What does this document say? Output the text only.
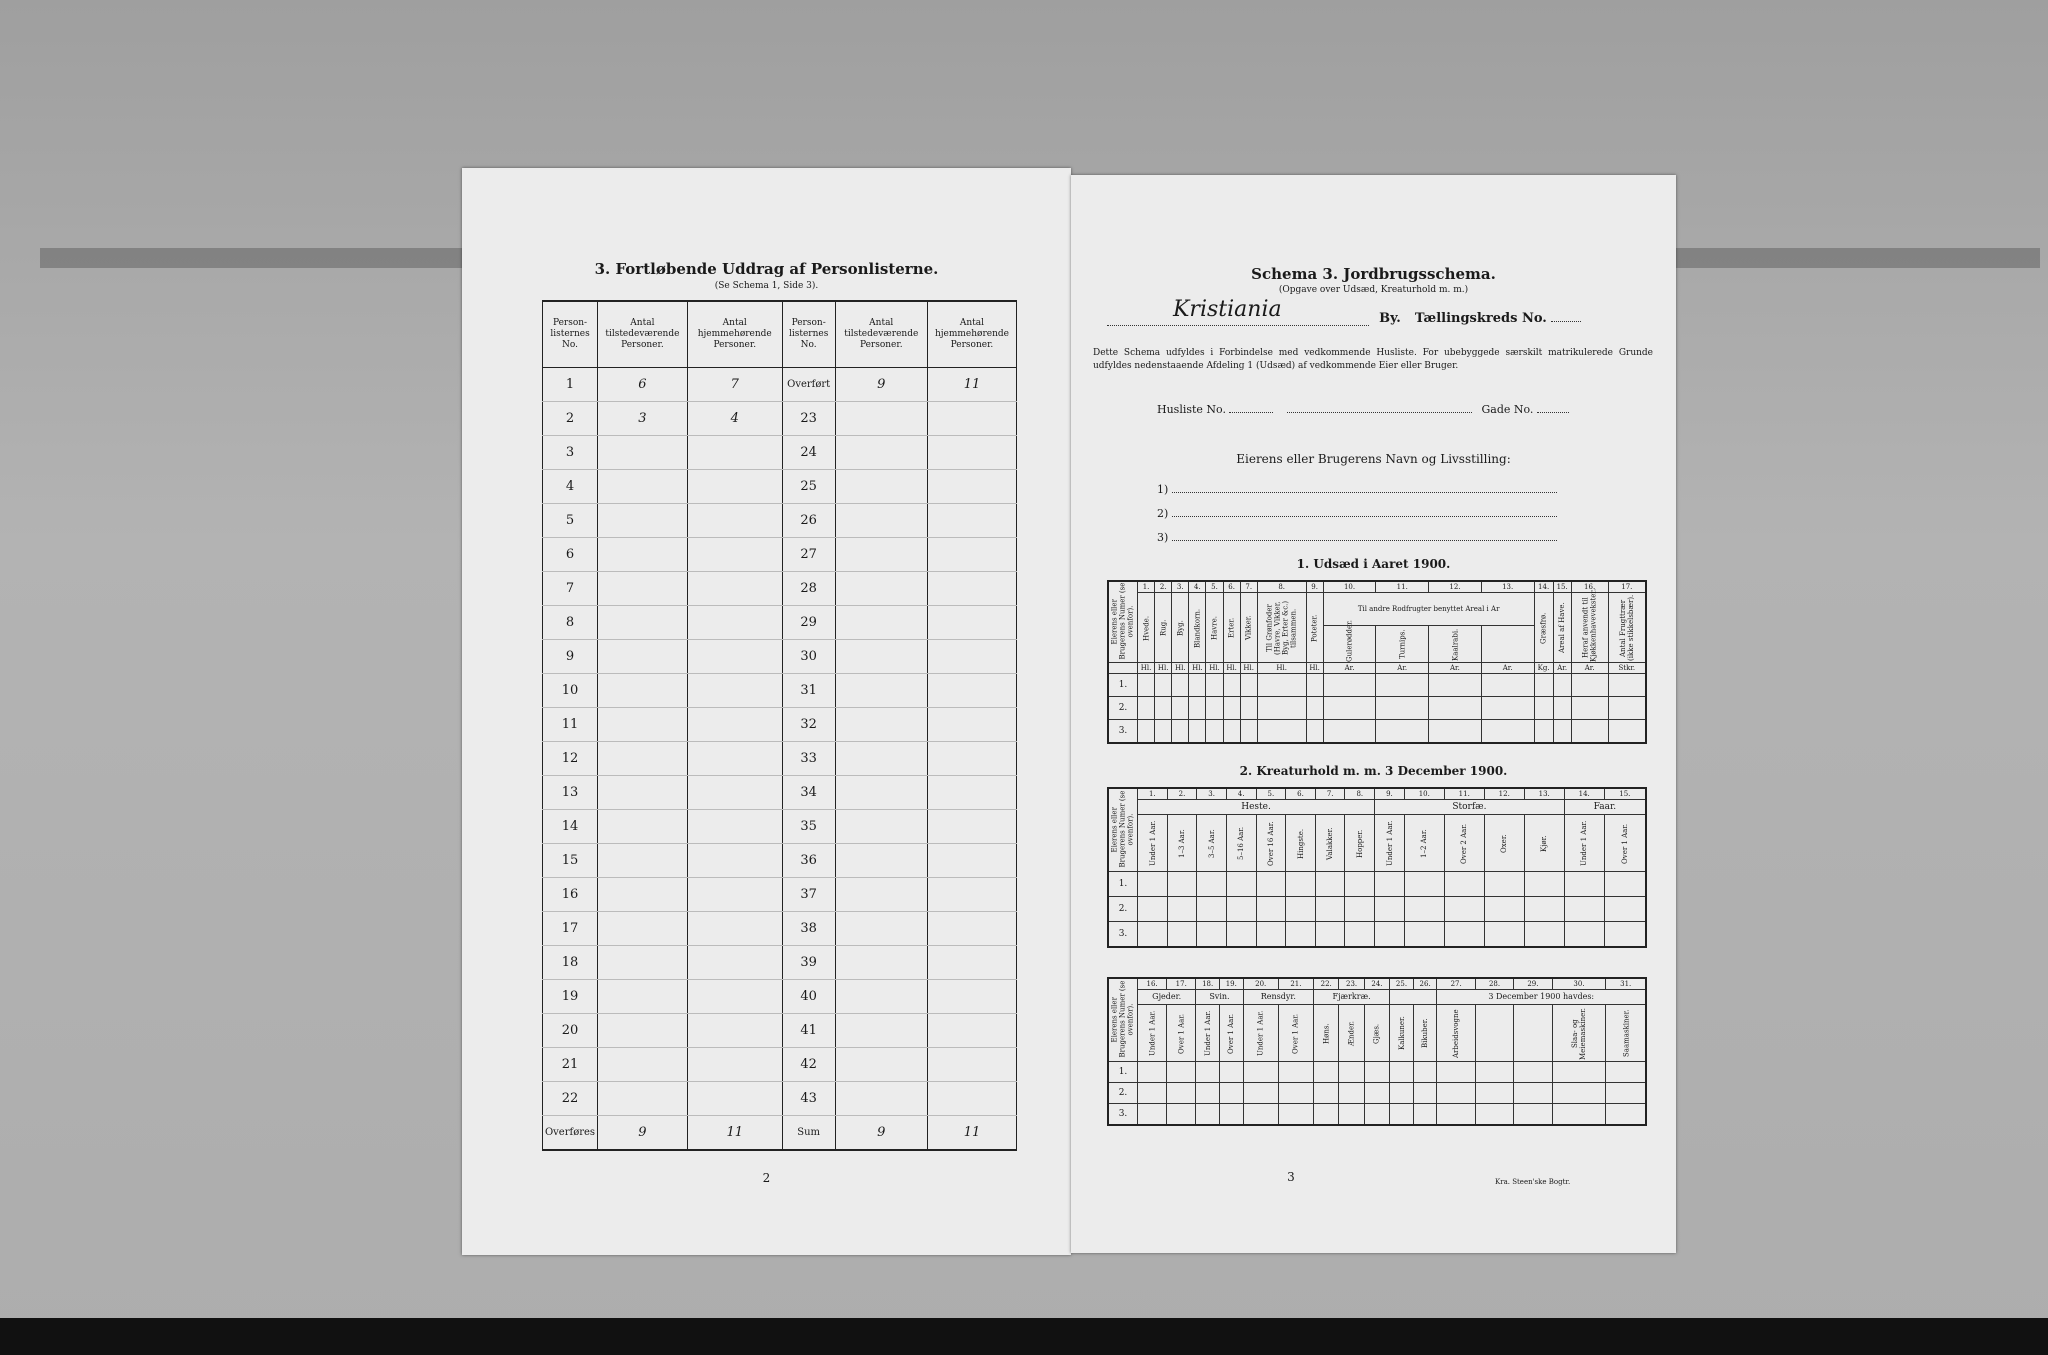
3. Fortløbende Uddrag af Personlisterne.
(Se Schema 1, Side 3).
Person-listernes No.	Antal tilstedeværende Personer.	Antal hjemmehørende Personer.	Person-listernes No.	Antal tilstedeværende Personer.	Antal hjemmehørende Personer.
1	6	7	Overført	9	11
2	3	4	23		
3			24		
4			25		
5			26		
6			27		
7			28		
8			29		
9			30		
10			31		
11			32		
12			33		
13			34		
14			35		
15			36		
16			37		
17			38		
18			39		
19			40		
20			41		
21			42		
22			43		
Overføres	9	11	Sum	9	11
2
Schema 3. Jordbrugsschema.
(Opgave over Udsæd, Kreaturhold m. m.)
Kristiania	By. Tællingskreds No.
Dette Schema udfyldes i Forbindelse med vedkommende Husliste. For ubebyggede særskilt matrikulerede Grunde udfyldes nedenstaaende Afdeling 1 (Udsæd) af vedkommende Eier eller Bruger.
Husliste No.	Gade No.
Eierens eller Brugerens Navn og Livsstilling:
1)
2)
3)
1. Udsæd i Aaret 1900.
Eierens eller Brugerens Numer (se ovenfor).	1.	2.	3.	4.	5.	6.	7.	8.	9.	10.	11.	12.	13.	14.	15.	16.	17.
	Hvede.	Rug.	Byg.	Blandkorn.	Havre.	Erter.	Vikker.	Til Grønfoder (Havre, Vikker, Byg, Erter &c.) tilsammen.	Poteter.	Til andre Rodfrugter benyttet Areal i Ar				Græsfrø.	Areal af Have.	Heraf anvendt til Kjøkkenhavevekster.	Antal Frugttrær (ikke stikkelsbær).
										Gulerødder.	Turnips.	Kaalrabi.					
	Hl.	Hl.	Hl.	Hl.	Hl.	Hl.	Hl.	Hl.	Hl.	Ar.	Ar.	Ar.	Ar.	Kg.	Ar.	Ar.	Stkr.
1.																	
2.																	
3.																	
2. Kreaturhold m. m. 3 December 1900.
Eierens eller Brugerens Numer (se ovenfor).	1.	2.	3.	4.	5.	6.	7.	8.	9.	10.	11.	12.	13.	14.	15.
	Heste.								Storfæ.					Faar.	
	Under 1 Aar.	1–3 Aar.	3–5 Aar.	5–16 Aar.	Over 16 Aar.	Hingste.	Valakker.	Hopper.	Under 1 Aar.	1–2 Aar.	Over 2 Aar.	Oxer.	Kjør.	Under 1 Aar.	Over 1 Aar.
1.															
2.															
3.															
Eierens eller Brugerens Numer (se ovenfor).	16.	17.	18.	19.	20.	21.	22.	23.	24.	25.	26.	27.	28.	29.	30.	31.
	Gjeder.		Svin.		Rensdyr.		Fjærkræ.					3 December 1900 havdes:				
	Under 1 Aar.	Over 1 Aar.	Under 1 Aar.	Over 1 Aar.	Under 1 Aar.	Over 1 Aar.	Høns.	Ænder.	Gjæs.	Kalkuner.	Bikuber.	Arbeidsvogne			Slaa- og Meiemaskiner.	Saamaskiner.
1.																
2.																
3.																
3	Kra. Steen'ske Bogtr.
